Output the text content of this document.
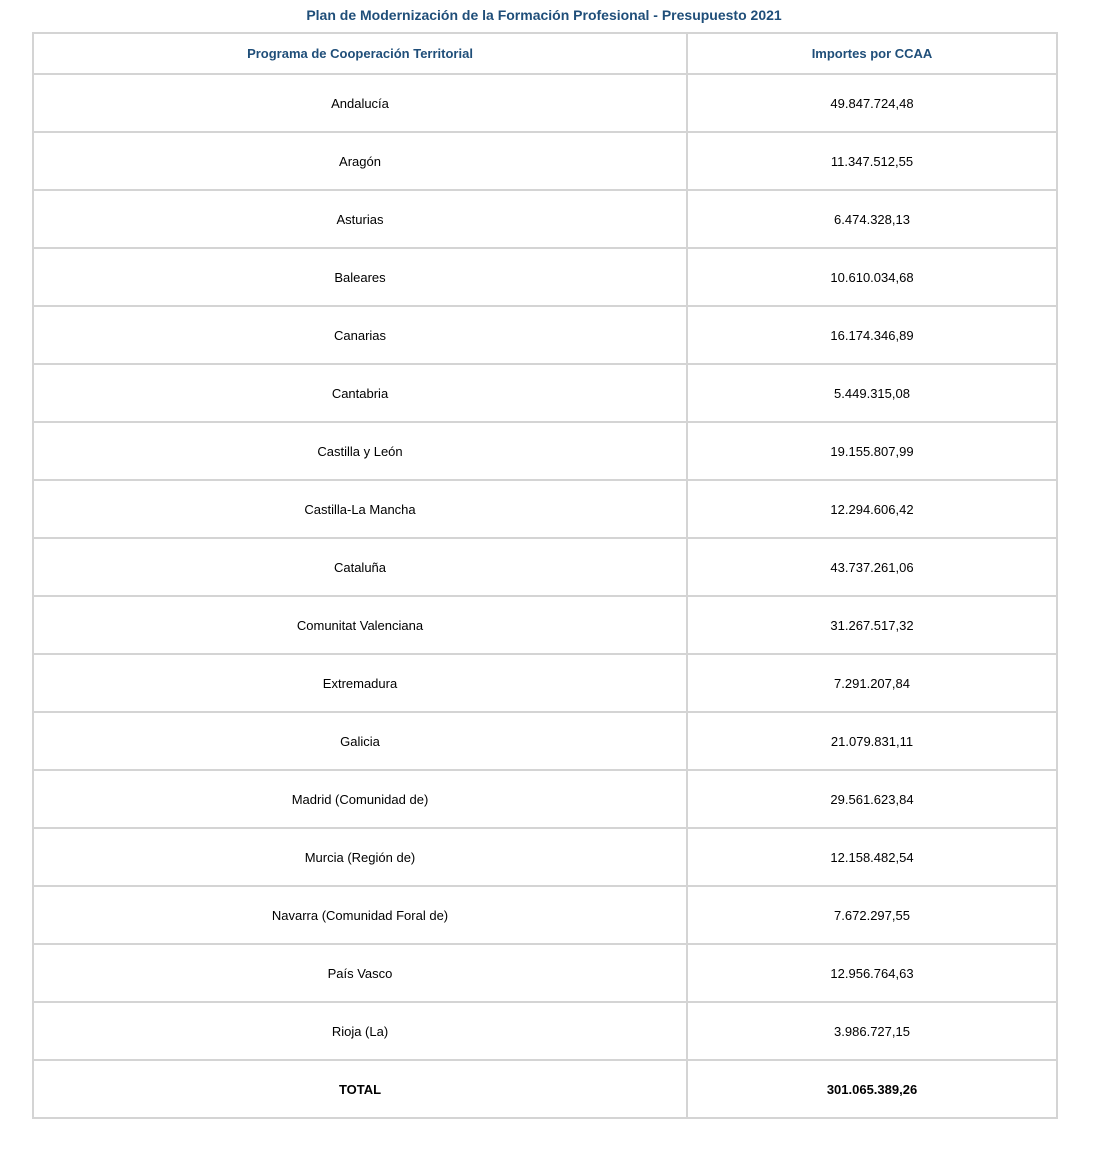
Plan de Modernización de la Formación Profesional - Presupuesto 2021
Programa de Cooperación Territorial	Importes por CCAA
Andalucía	49.847.724,48
Aragón	11.347.512,55
Asturias	6.474.328,13
Baleares	10.610.034,68
Canarias	16.174.346,89
Cantabria	5.449.315,08
Castilla y León	19.155.807,99
Castilla-La Mancha	12.294.606,42
Cataluña	43.737.261,06
Comunitat Valenciana	31.267.517,32
Extremadura	7.291.207,84
Galicia	21.079.831,11
Madrid (Comunidad de)	29.561.623,84
Murcia (Región de)	12.158.482,54
Navarra (Comunidad Foral de)	7.672.297,55
País Vasco	12.956.764,63
Rioja (La)	3.986.727,15
TOTAL	301.065.389,26
